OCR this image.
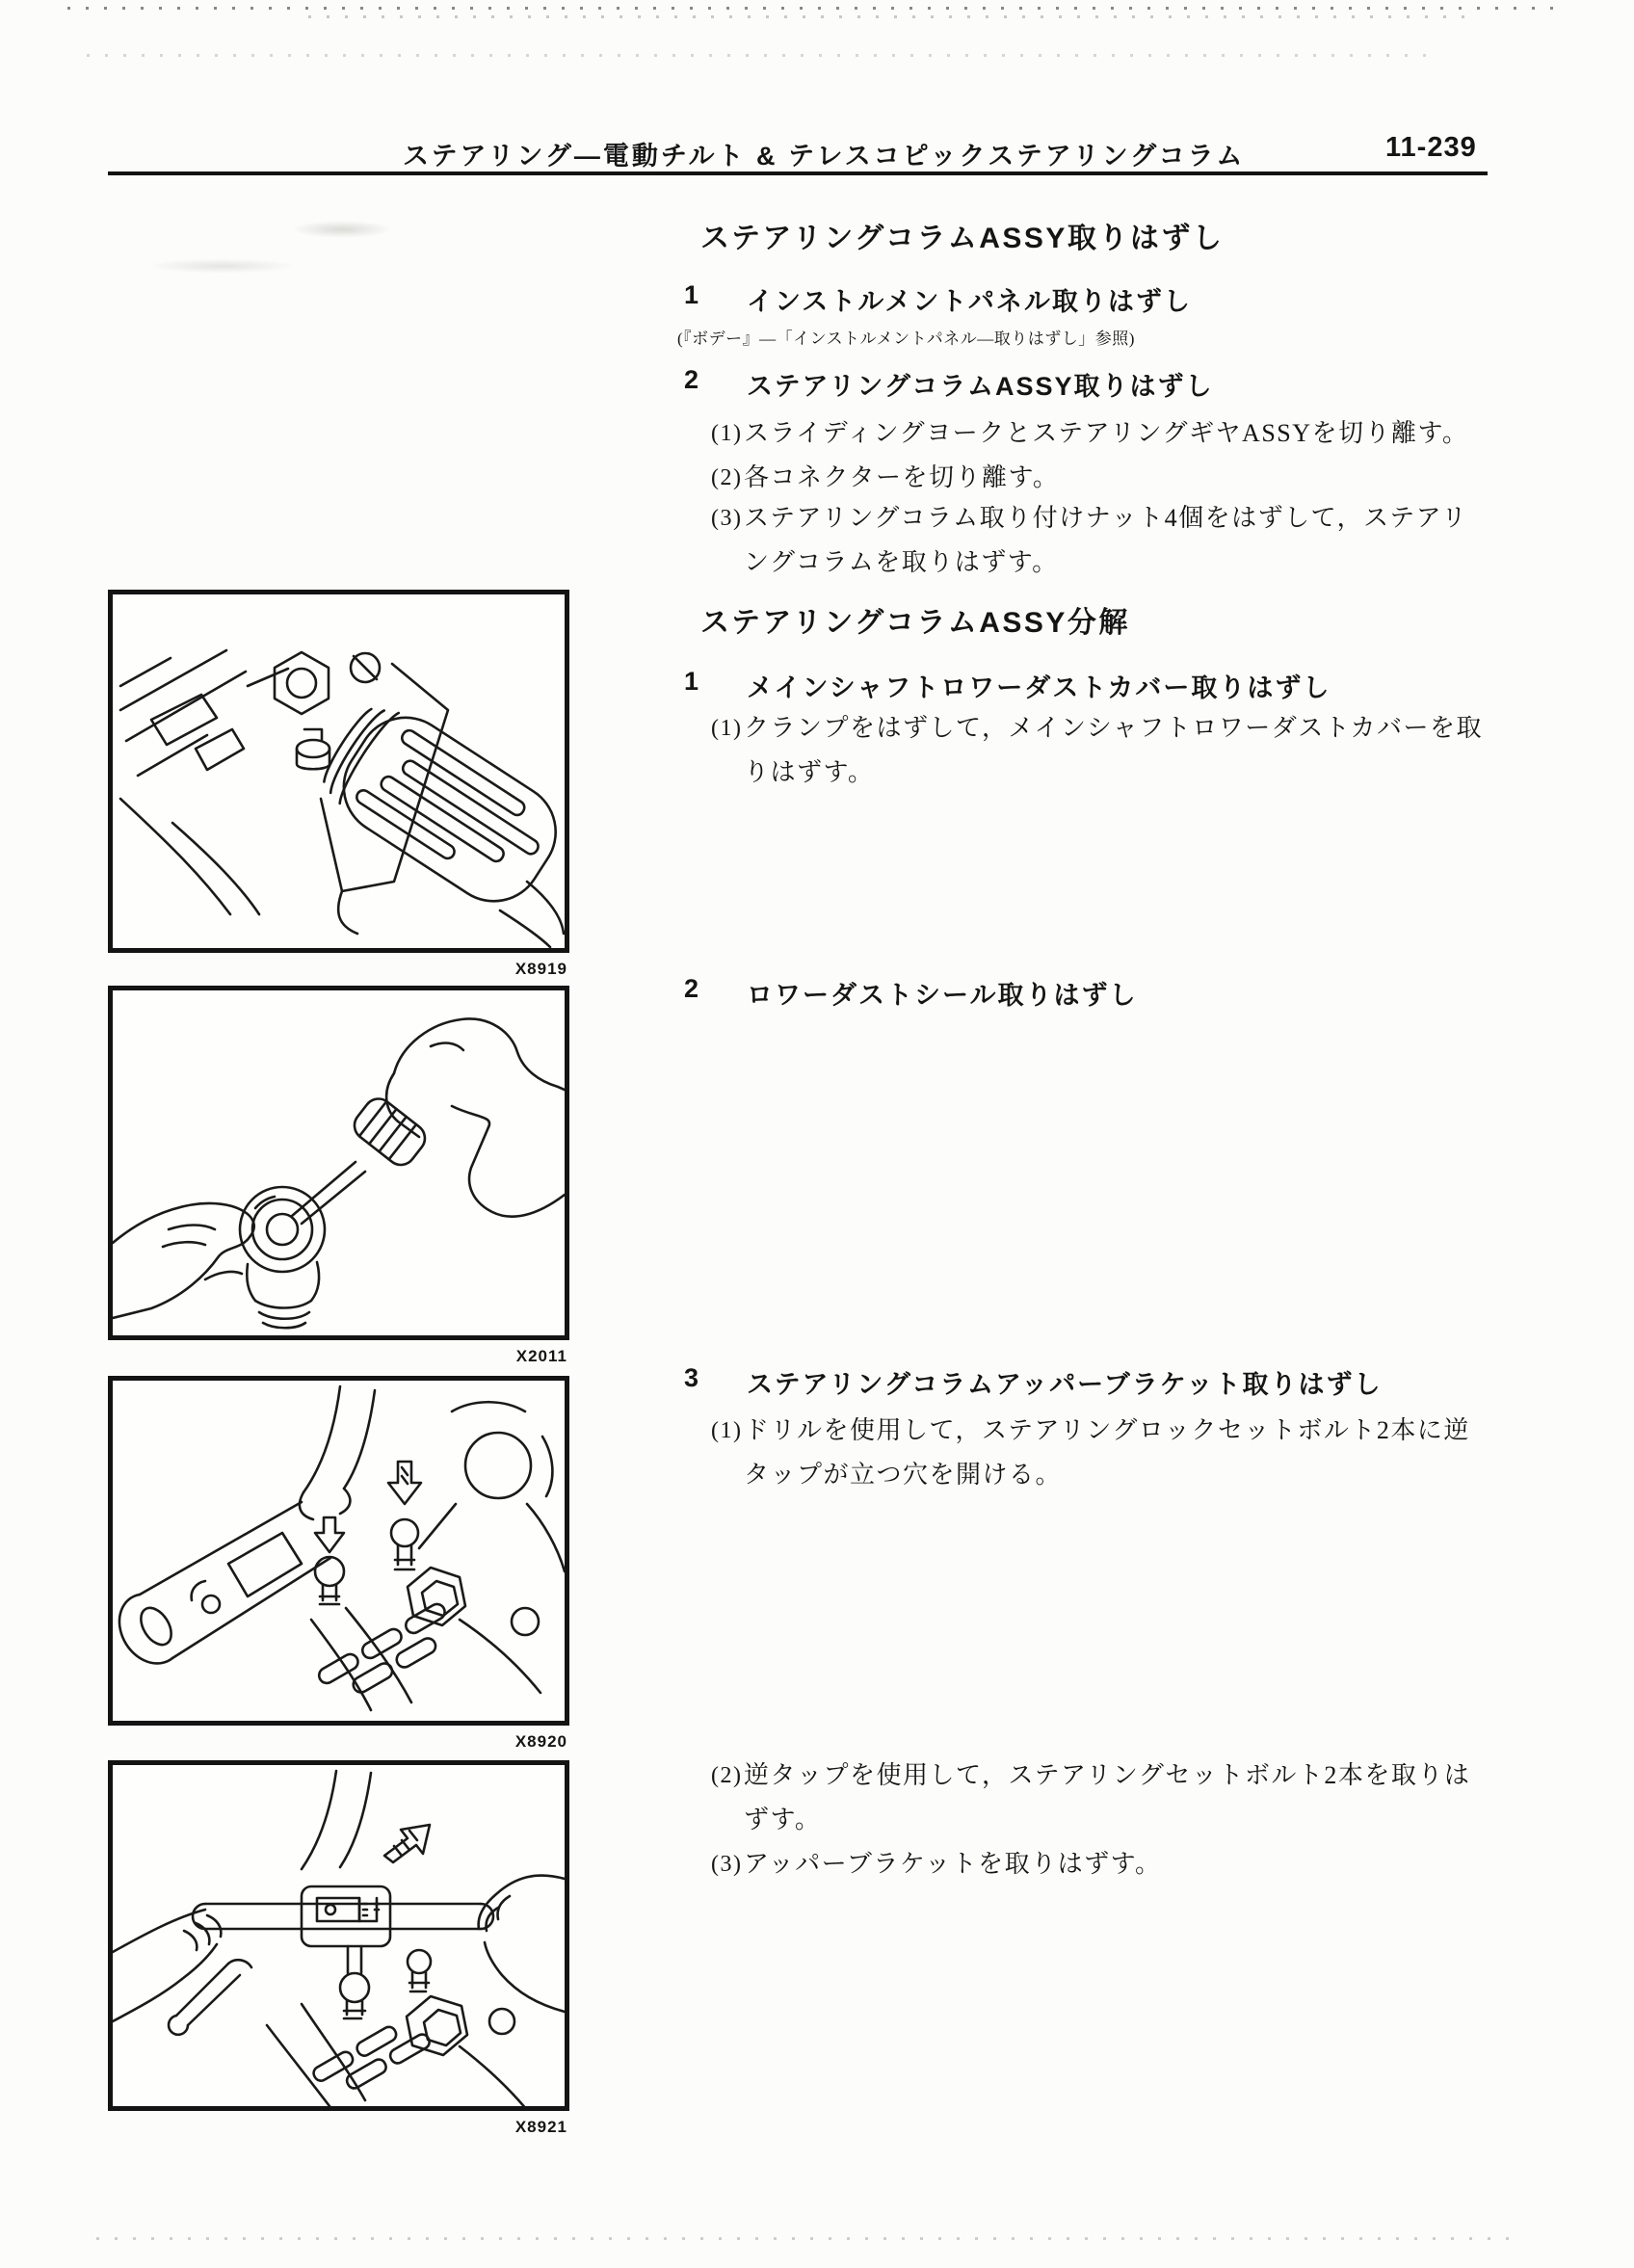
ステアリング―電動チルト & テレスコピックステアリングコラム	11-239
ステアリングコラムASSY取りはずし
1	インストルメントパネル取りはずし
(『ボデー』―「インストルメントパネル―取りはずし」参照)
2	ステアリングコラムASSY取りはずし
(1) スライディングヨークとステアリングギヤASSYを切り離す。
(2) 各コネクターを切り離す。
(3) ステアリングコラム取り付けナット4個をはずして，ステアリ
ングコラムを取りはずす。
ステアリングコラムASSY分解
1	メインシャフトロワーダストカバー取りはずし
(1) クランプをはずして，メインシャフトロワーダストカバーを取
りはずす。
2	ロワーダストシール取りはずし
3	ステアリングコラムアッパーブラケット取りはずし
(1) ドリルを使用して，ステアリングロックセットボルト2本に逆
タップが立つ穴を開ける。
(2) 逆タップを使用して，ステアリングセットボルト2本を取りは
ずす。
(3) アッパーブラケットを取りはずす。
X8919
X2011
X8920
X8921
